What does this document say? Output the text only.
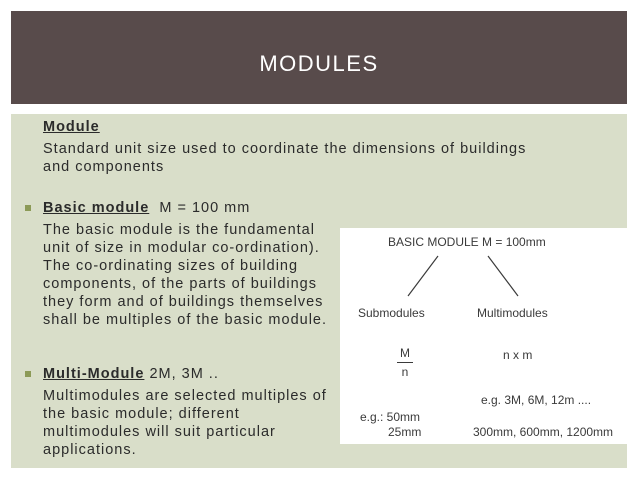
MODULES
Module
Standard unit size used to coordinate the dimensions of buildings
and components
Basic module M = 100 mm
The basic module is the fundamental
unit of size in modular co-ordination).
The co-ordinating sizes of building
components, of the parts of buildings
they form and of buildings themselves
shall be multiples of the basic module.
Multi-Module 2M, 3M ..
Multimodules are selected multiples of
the basic module; different
multimodules will suit particular
applications.
BASIC MODULE M = 100mm
Submodules	Multimodules
M
n
n x m
e.g.: 50mm
25mm
e.g. 3M, 6M, 12m ....
300mm, 600mm, 1200mm
